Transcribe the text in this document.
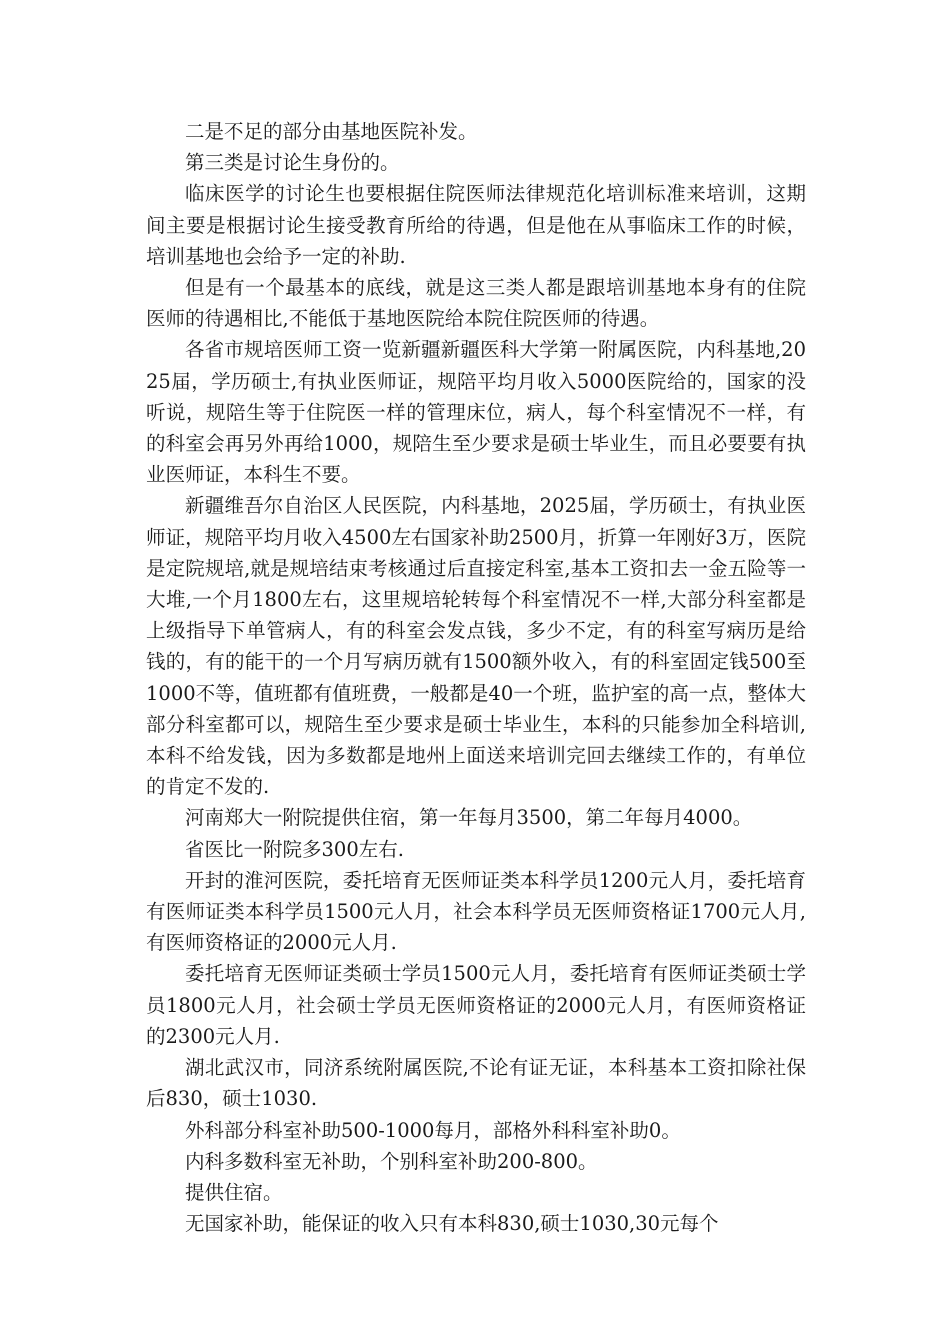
二是不足的部分由基地医院补发。

第三类是讨论生身份的。

临床医学的讨论生也要根据住院医师法律规范化培训标准来培训，这期间主要是根据讨论生接受教育所给的待遇，但是他在从事临床工作的时候，培训基地也会给予一定的补助.

但是有一个最基本的底线，就是这三类人都是跟培训基地本身有的住院医师的待遇相比,不能低于基地医院给本院住院医师的待遇。

各省市规培医师工资一览新疆新疆医科大学第一附属医院，内科基地,2025届，学历硕士,有执业医师证，规陪平均月收入5000医院给的，国家的没听说，规陪生等于住院医一样的管理床位，病人，每个科室情况不一样，有的科室会再另外再给1000，规陪生至少要求是硕士毕业生，而且必要要有执业医师证，本科生不要。

新疆维吾尔自治区人民医院，内科基地，2025届，学历硕士，有执业医师证，规陪平均月收入4500左右国家补助2500月，折算一年刚好3万，医院是定院规培,就是规培结束考核通过后直接定科室,基本工资扣去一金五险等一大堆,一个月1800左右，这里规培轮转每个科室情况不一样,大部分科室都是上级指导下单管病人，有的科室会发点钱，多少不定，有的科室写病历是给钱的，有的能干的一个月写病历就有1500额外收入，有的科室固定钱500至1000不等，值班都有值班费，一般都是40一个班，监护室的高一点，整体大部分科室都可以，规陪生至少要求是硕士毕业生，本科的只能参加全科培训,本科不给发钱，因为多数都是地州上面送来培训完回去继续工作的，有单位的肯定不发的.

河南郑大一附院提供住宿，第一年每月3500，第二年每月4000。

省医比一附院多300左右.

开封的淮河医院，委托培育无医师证类本科学员1200元人月，委托培育有医师证类本科学员1500元人月，社会本科学员无医师资格证1700元人月,有医师资格证的2000元人月.

委托培育无医师证类硕士学员1500元人月，委托培育有医师证类硕士学员1800元人月，社会硕士学员无医师资格证的2000元人月，有医师资格证的2300元人月.

湖北武汉市，同济系统附属医院,不论有证无证，本科基本工资扣除社保后830，硕士1030.

外科部分科室补助500-1000每月，部格外科科室补助0。

内科多数科室无补助，个别科室补助200-800。

提供住宿。

无国家补助，能保证的收入只有本科830,硕士1030,30元每个
